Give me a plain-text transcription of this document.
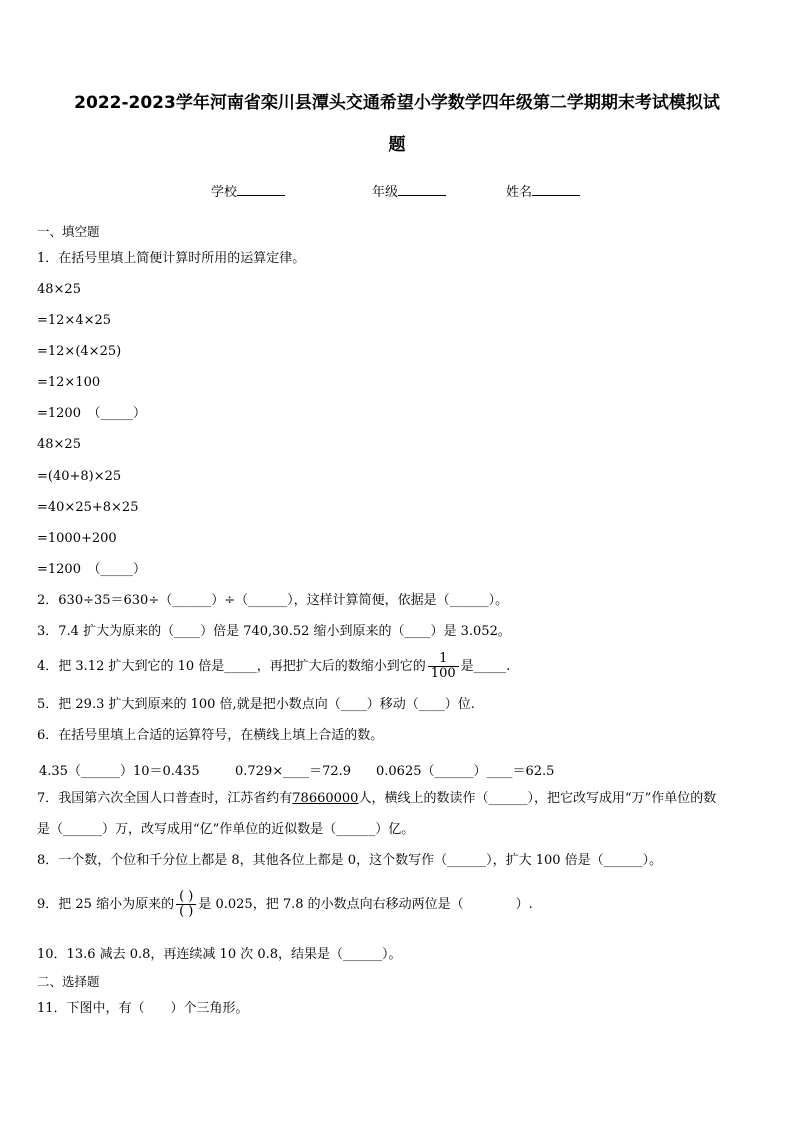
2022-2023学年河南省栾川县潭头交通希望小学数学四年级第二学期期末考试模拟试
题
学校	年级	姓名
一、填空题
1．在括号里填上简便计算时所用的运算定律。
48×25
=12×4×25
=12×(4×25)
=12×100
=1200　（_____）
48×25
=(40+8)×25
=40×25+8×25
=1000+200
=1200　（_____）
2．630÷35＝630÷（______）÷（______），这样计算简便，依据是（______）。
3．7.4 扩大为原来的（____）倍是 740,30.52 缩小到原来的（____）是 3.052。
4．把 3.12 扩大到它的 10 倍是_____，再把扩大后的数缩小到它的 $\frac{1}{100}$ 是_____.
5．把 29.3 扩大到原来的 100 倍,就是把小数点向（____）移动（____）位.
6．在括号里填上合适的运算符号，在横线上填上合适的数。
4.35（______）10＝0.435	0.729×____＝72.9 0.0625（______）____＝62.5
7．我国第六次全国人口普查时，江苏省约有78660000人，横线上的数读作（______），把它改写成用“万”作单位的数
是（______）万，改写成用“亿”作单位的近似数是（______）亿。
8．一个数，个位和千分位上都是 8，其他各位上都是 0，这个数写作（______），扩大 100 倍是（______）。
9．把 25 缩小为原来的 $\frac{( )}{( )}$ 是 0.025，把 7.8 的小数点向右移动两位是（　　　　）.
10．13.6 减去 0.8，再连续减 10 次 0.8，结果是（______）。
二、选择题
11．下图中，有（　　）个三角形。
